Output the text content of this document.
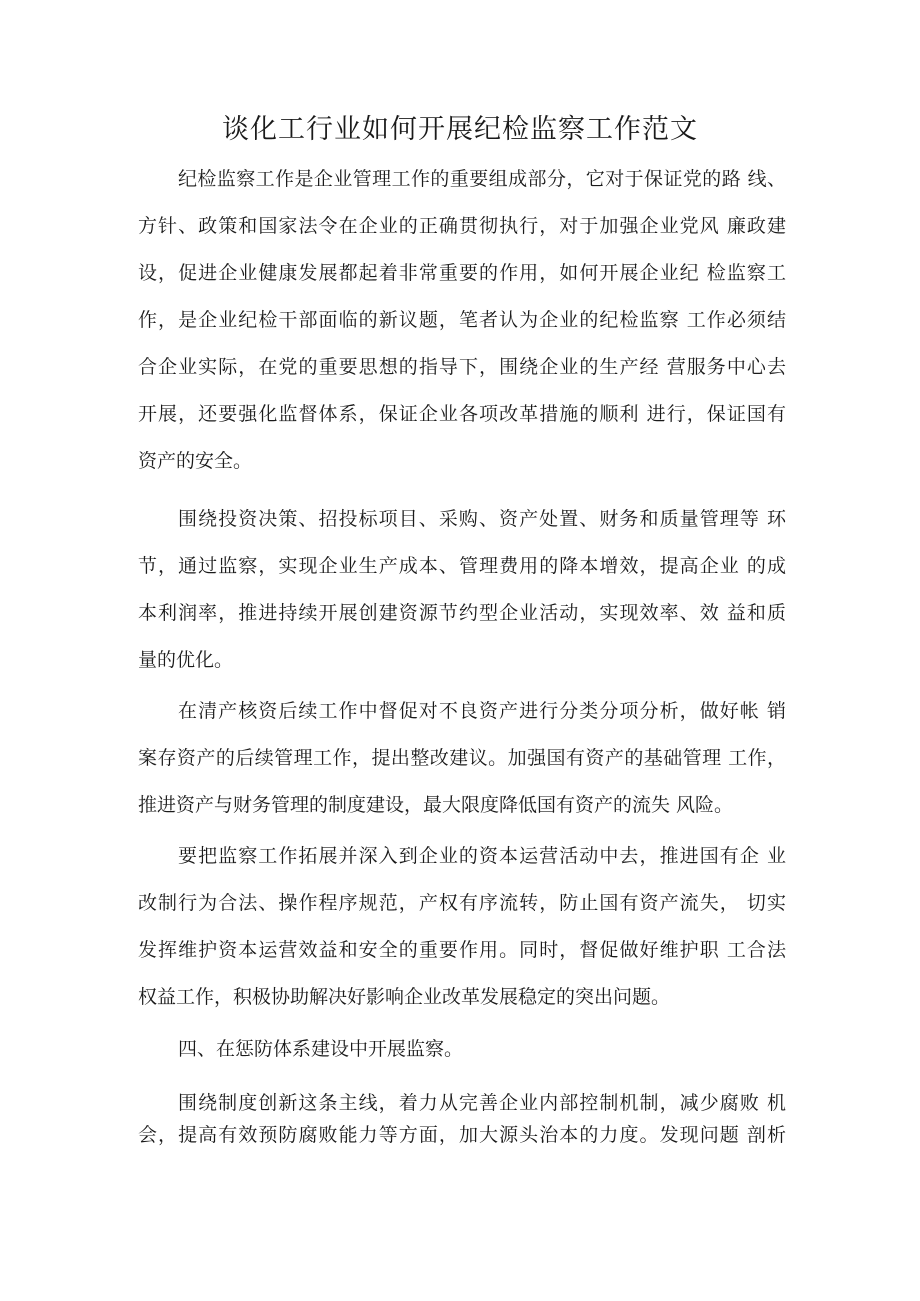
谈化工行业如何开展纪检监察工作范文
纪检监察工作是企业管理工作的重要组成部分，它对于保证党的路 线、
方针、政策和国家法令在企业的正确贯彻执行，对于加强企业党风 廉政建
设，促进企业健康发展都起着非常重要的作用，如何开展企业纪 检监察工
作，是企业纪检干部面临的新议题，笔者认为企业的纪检监察 工作必须结
合企业实际，在党的重要思想的指导下，围绕企业的生产经 营服务中心去
开展，还要强化监督体系，保证企业各项改革措施的顺利 进行，保证国有
资产的安全。
围绕投资决策、招投标项目、采购、资产处置、财务和质量管理等 环
节，通过监察，实现企业生产成本、管理费用的降本增效，提高企业 的成
本利润率，推进持续开展创建资源节约型企业活动，实现效率、效 益和质
量的优化。
在清产核资后续工作中督促对不良资产进行分类分项分析，做好帐 销
案存资产的后续管理工作，提出整改建议。加强国有资产的基础管理 工作，
推进资产与财务管理的制度建设，最大限度降低国有资产的流失 风险。
要把监察工作拓展并深入到企业的资本运营活动中去，推进国有企 业
改制行为合法、操作程序规范，产权有序流转，防止国有资产流失， 切实
发挥维护资本运营效益和安全的重要作用。同时，督促做好维护职 工合法
权益工作，积极协助解决好影响企业改革发展稳定的突出问题。
四、在惩防体系建设中开展监察。
围绕制度创新这条主线，着力从完善企业内部控制机制，减少腐败 机
会，提高有效预防腐败能力等方面，加大源头治本的力度。发现问题 剖析
